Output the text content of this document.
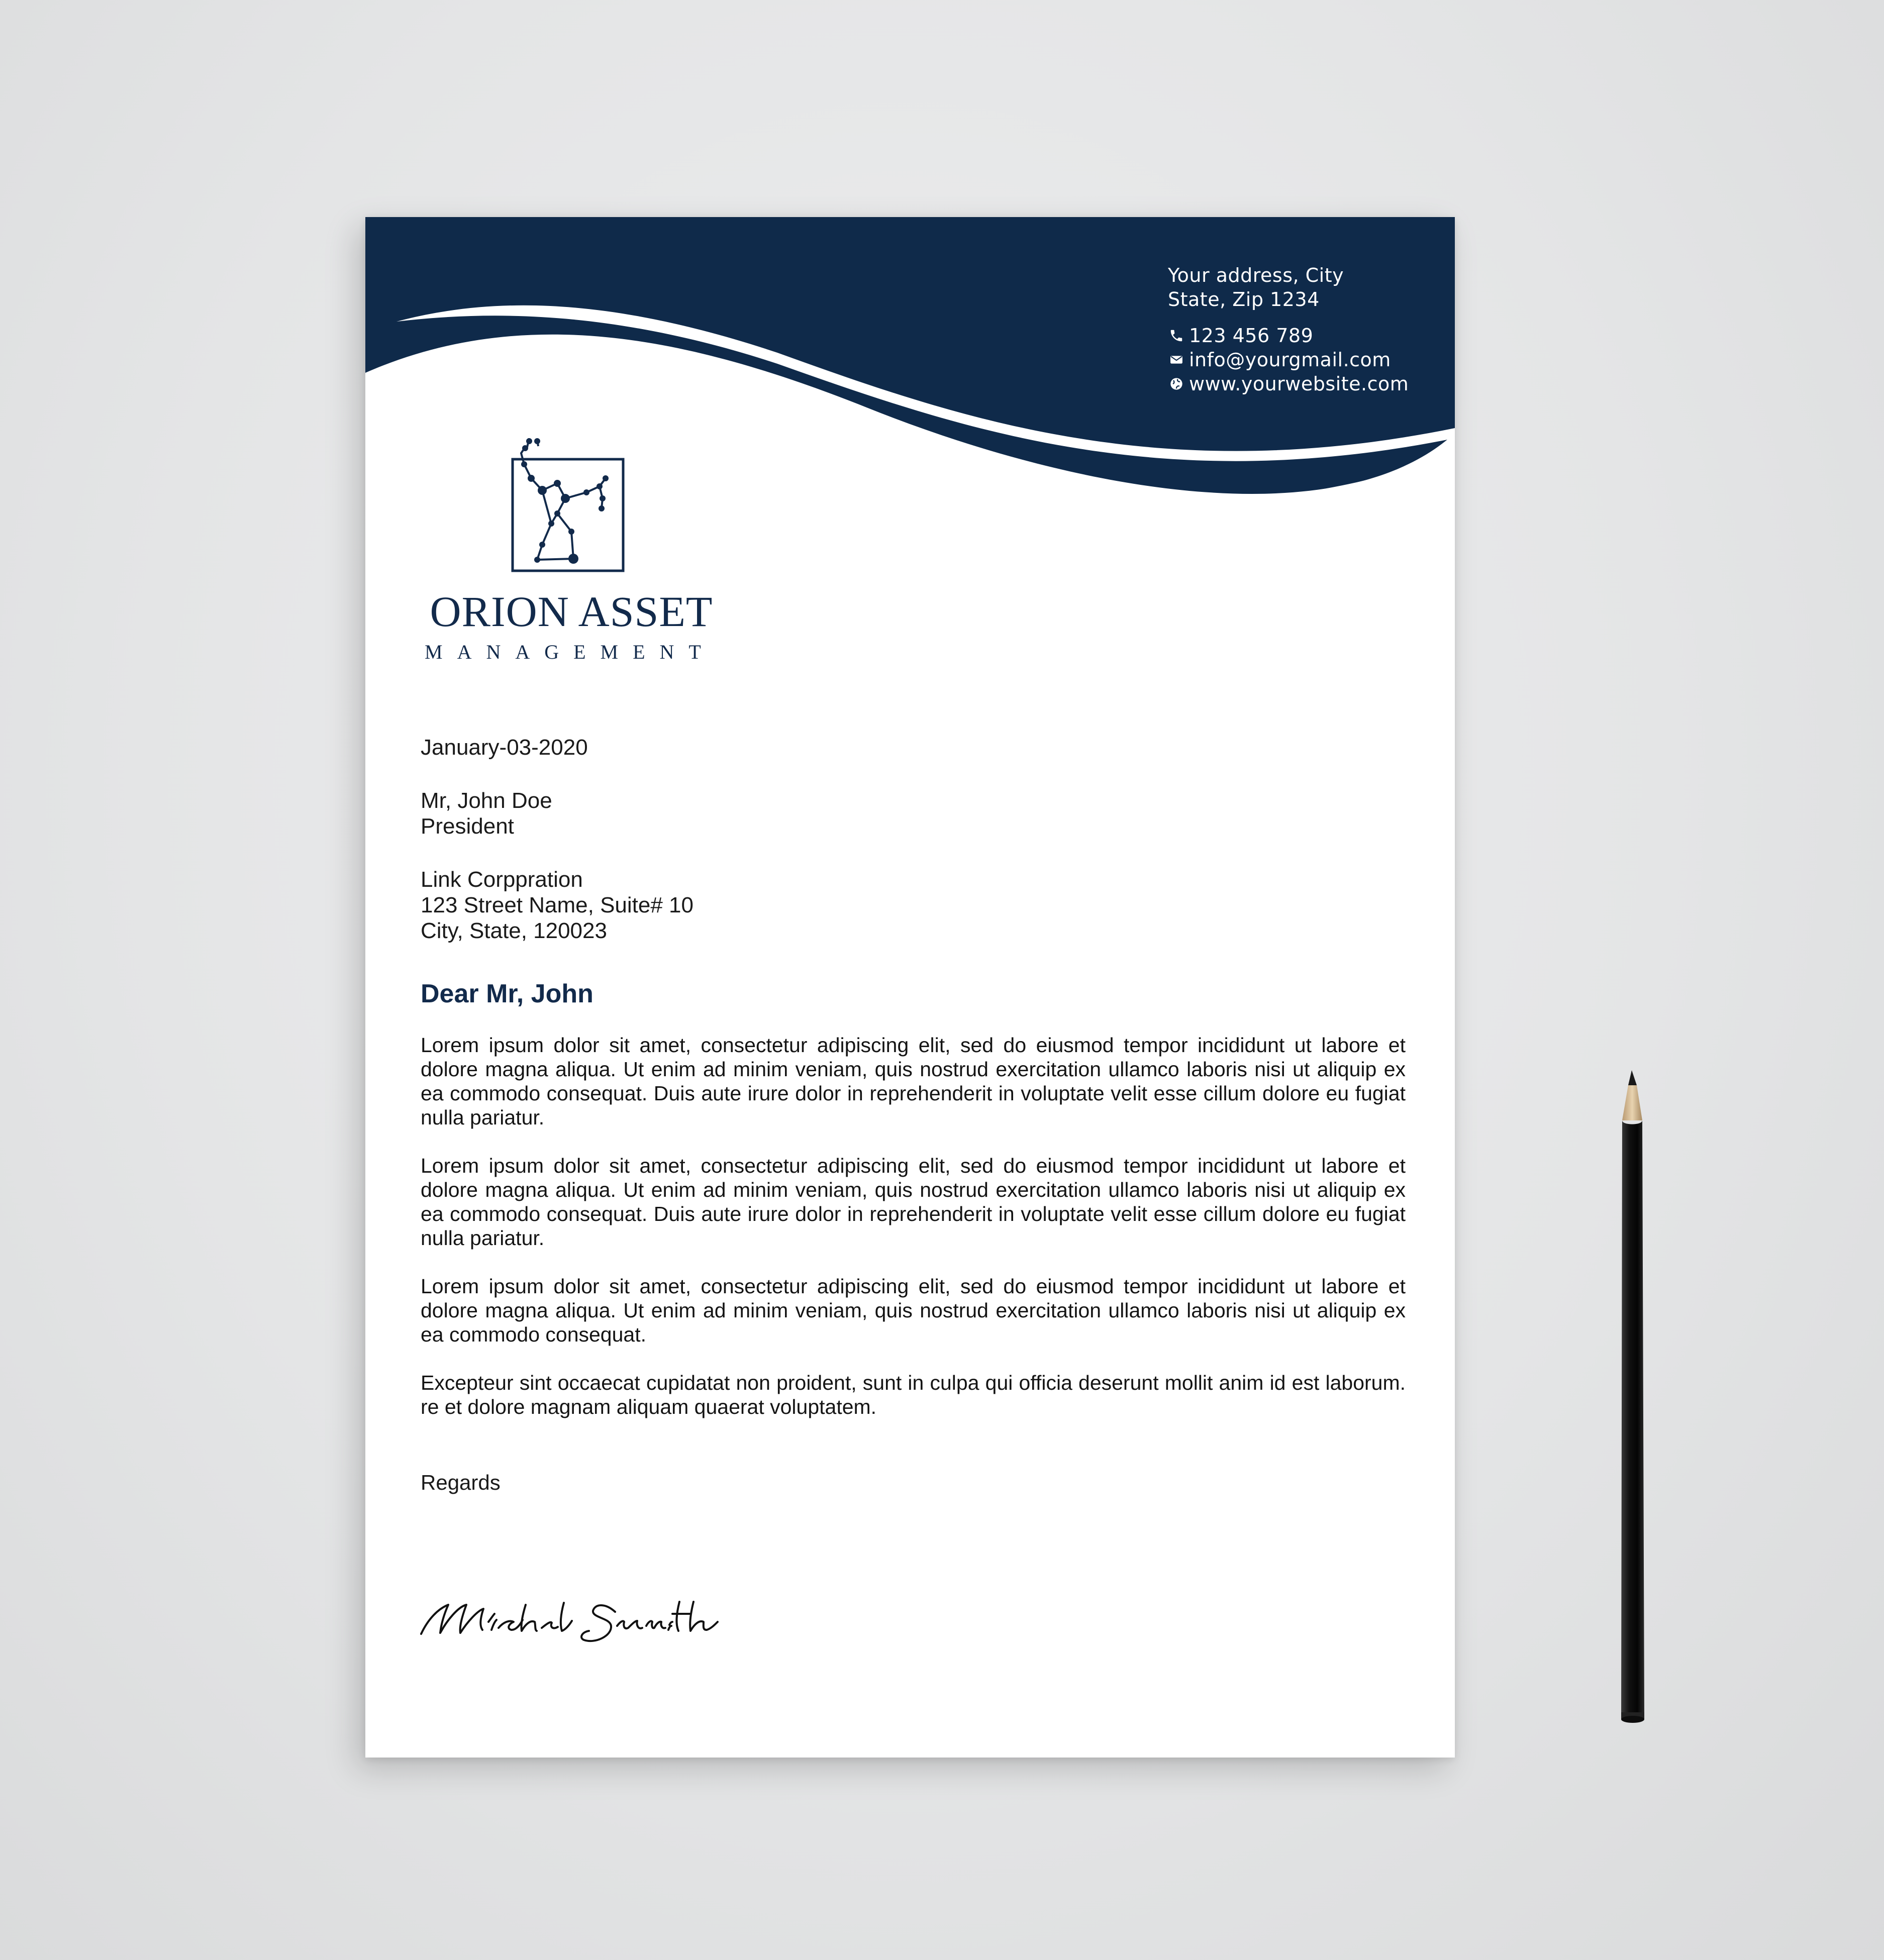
Your address, City
State, Zip 1234
123 456 789
info@yourgmail.com
www.yourwebsite.com
ORION ASSET
MANAGEMENT
January-03-2020
Mr, John Doe
President
Link Corppration
123 Street Name, Suite# 10
City, State, 120023
Dear Mr, John
Lorem ipsum dolor sit amet, consectetur adipiscing elit, sed do eiusmod tempor incididunt ut labore et dolore magna aliqua. Ut enim ad minim veniam, quis nostrud exercitation ullamco laboris nisi ut aliquip ex ea commodo consequat. Duis aute irure dolor in reprehenderit in voluptate velit esse cillum dolore eu fugiat nulla pariatur.
Lorem ipsum dolor sit amet, consectetur adipiscing elit, sed do eiusmod tempor incididunt ut labore et dolore magna aliqua. Ut enim ad minim veniam, quis nostrud exercitation ullamco laboris nisi ut aliquip ex ea commodo consequat. Duis aute irure dolor in reprehenderit in voluptate velit esse cillum dolore eu fugiat nulla pariatur.
Lorem ipsum dolor sit amet, consectetur adipiscing elit, sed do eiusmod tempor incididunt ut labore et dolore magna aliqua. Ut enim ad minim veniam, quis nostrud exercitation ullamco laboris nisi ut aliquip ex ea commodo consequat.
Excepteur sint occaecat cupidatat non proident, sunt in culpa qui officia deserunt mollit anim id est laborum. re et dolore magnam aliquam quaerat voluptatem.
Regards
